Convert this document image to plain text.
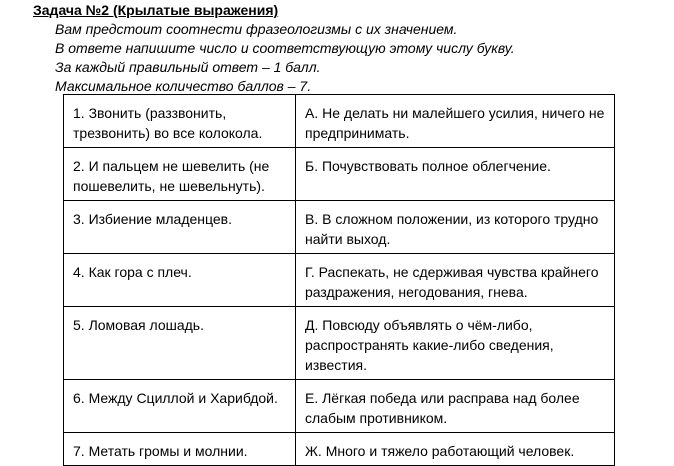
Задача №2 (Крылатые выражения)
Вам предстоит соотнести фразеологизмы с их значением.
В ответе напишите число и соответствующую этому числу букву.
За каждый правильный ответ – 1 балл.
Максимальное количество баллов – 7.
1. Звонить (раззвонить, трезвонить) во все колокола.	А. Не делать ни малейшего усилия, ничего не предпринимать.
2. И пальцем не шевелить (не пошевелить, не шевельнуть).	Б. Почувствовать полное облегчение.
3. Избиение младенцев.	В. В сложном положении, из которого трудно найти выход.
4. Как гора с плеч.	Г. Распекать, не сдерживая чувства крайнего раздражения, негодования, гнева.
5. Ломовая лошадь.	Д. Повсюду объявлять о чём-либо, распространять какие-либо сведения, известия.
6. Между Сциллой и Харибдой.	Е. Лёгкая победа или расправа над более слабым противником.
7. Метать громы и молнии.	Ж. Много и тяжело работающий человек.
